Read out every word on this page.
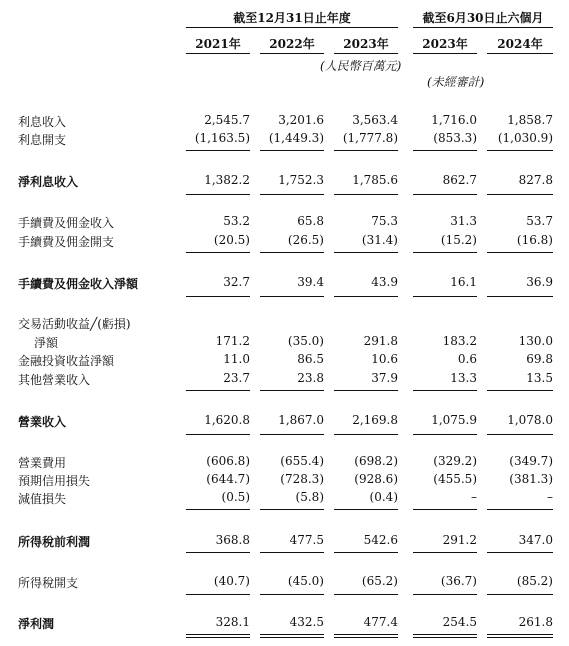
截至12月31日止年度	截至6月30日止六個月
2021年	2022年	2023年	2023年	2024年
(人民幣百萬元)
(未經審計)
利息收入	2,545.7	3,201.6	3,563.4	1,716.0	1,858.7
利息開支	(1,163.5)	(1,449.3)	(1,777.8)	(853.3)	(1,030.9)
淨利息收入	1,382.2	1,752.3	1,785.6	862.7	827.8
手續費及佣金收入	53.2	65.8	75.3	31.3	53.7
手續費及佣金開支	(20.5)	(26.5)	(31.4)	(15.2)	(16.8)
手續費及佣金收入淨額	32.7	39.4	43.9	16.1	36.9
交易活動收益╱(虧損)
淨額	171.2	(35.0)	291.8	183.2	130.0
金融投資收益淨額	11.0	86.5	10.6	0.6	69.8
其他營業收入	23.7	23.8	37.9	13.3	13.5
營業收入	1,620.8	1,867.0	2,169.8	1,075.9	1,078.0
營業費用	(606.8)	(655.4)	(698.2)	(329.2)	(349.7)
預期信用損失	(644.7)	(728.3)	(928.6)	(455.5)	(381.3)
減值損失	(0.5)	(5.8)	(0.4)	–	–
所得稅前利潤	368.8	477.5	542.6	291.2	347.0
所得稅開支	(40.7)	(45.0)	(65.2)	(36.7)	(85.2)
淨利潤	328.1	432.5	477.4	254.5	261.8
